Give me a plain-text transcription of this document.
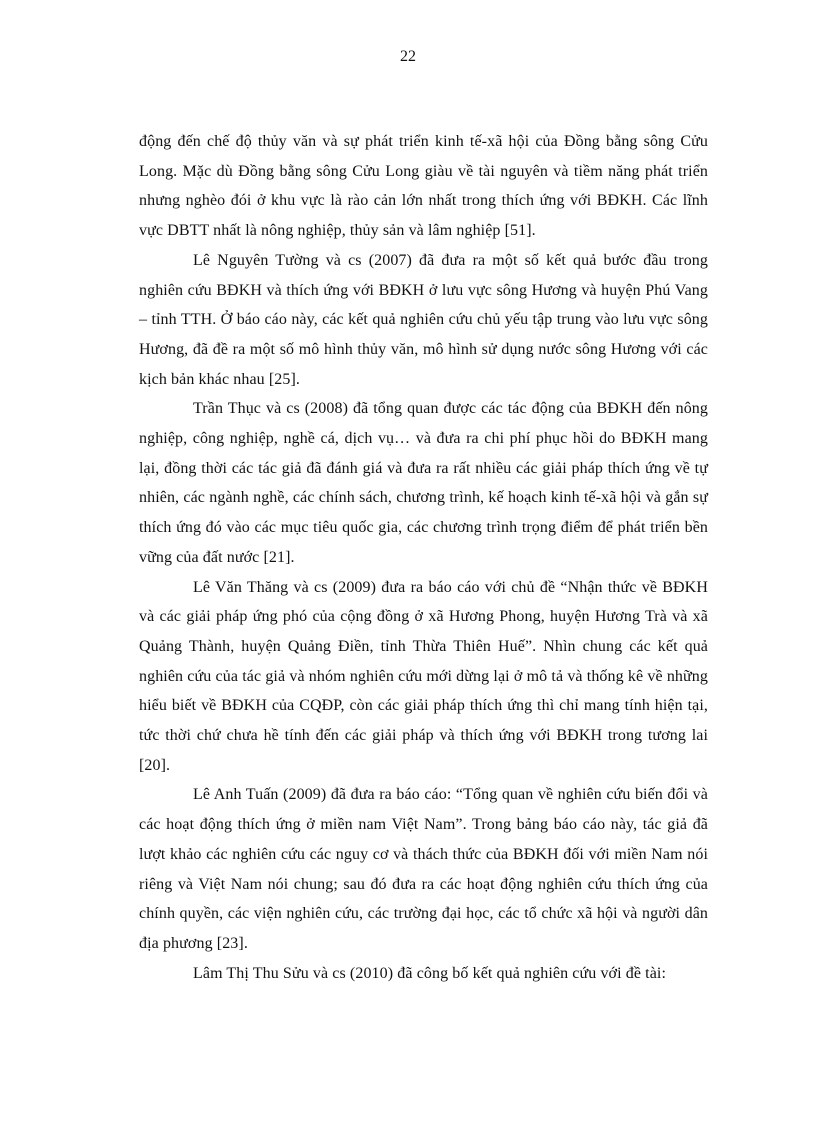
22

động đến chế độ thủy văn và sự phát triển kinh tế-xã hội của Đồng bằng sông Cửu Long. Mặc dù Đồng bằng sông Cửu Long giàu về tài nguyên và tiềm năng phát triển nhưng nghèo đói ở khu vực là rào cản lớn nhất trong thích ứng với BĐKH. Các lĩnh vực DBTT nhất là nông nghiệp, thủy sản và lâm nghiệp [51].

Lê Nguyên Tường và cs (2007) đã đưa ra một số kết quả bước đầu trong nghiên cứu BĐKH và thích ứng với BĐKH ở lưu vực sông Hương và huyện Phú Vang – tỉnh TTH. Ở báo cáo này, các kết quả nghiên cứu chủ yếu tập trung vào lưu vực sông Hương, đã đề ra một số mô hình thủy văn, mô hình sử dụng nước sông Hương với các kịch bản khác nhau [25].

Trần Thục và cs (2008) đã tổng quan được các tác động của BĐKH đến nông nghiệp, công nghiệp, nghề cá, dịch vụ… và đưa ra chi phí phục hồi do BĐKH mang lại, đồng thời các tác giả đã đánh giá và đưa ra rất nhiều các giải pháp thích ứng về tự nhiên, các ngành nghề, các chính sách, chương trình, kế hoạch kinh tế-xã hội và gắn sự thích ứng đó vào các mục tiêu quốc gia, các chương trình trọng điểm để phát triển bền vững của đất nước [21].

Lê Văn Thăng và cs (2009) đưa ra báo cáo với chủ đề “Nhận thức về BĐKH và các giải pháp ứng phó của cộng đồng ở xã Hương Phong, huyện Hương Trà và xã Quảng Thành, huyện Quảng Điền, tỉnh Thừa Thiên Huế”. Nhìn chung các kết quả nghiên cứu của tác giả và nhóm nghiên cứu mới dừng lại ở mô tả và thống kê về những hiểu biết về BĐKH của CQĐP, còn các giải pháp thích ứng thì chỉ mang tính hiện tại, tức thời chứ chưa hề tính đến các giải pháp và thích ứng với BĐKH trong tương lai [20].

Lê Anh Tuấn (2009) đã đưa ra báo cáo: “Tổng quan về nghiên cứu biến đổi và các hoạt động thích ứng ở miền nam Việt Nam”. Trong bảng báo cáo này, tác giả đã lượt khảo các nghiên cứu các nguy cơ và thách thức của BĐKH đối với miền Nam nói riêng và Việt Nam nói chung; sau đó đưa ra các hoạt động nghiên cứu thích ứng của chính quyền, các viện nghiên cứu, các trường đại học, các tổ chức xã hội và người dân địa phương [23].

Lâm Thị Thu Sửu và cs (2010) đã công bố kết quả nghiên cứu với đề tài:
